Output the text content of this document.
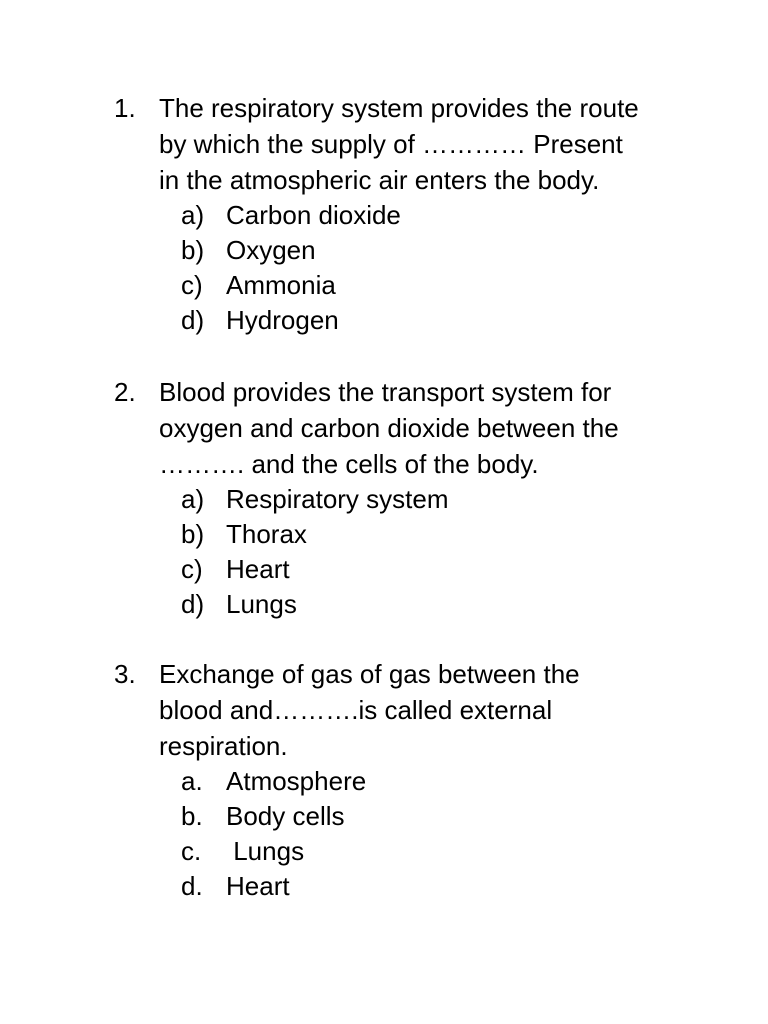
1. The respiratory system provides the route
by which the supply of ………… Present
in the atmospheric air enters the body.
a) Carbon dioxide
b) Oxygen
c) Ammonia
d) Hydrogen
2. Blood provides the transport system for
oxygen and carbon dioxide between the
………. and the cells of the body.
a) Respiratory system
b) Thorax
c) Heart
d) Lungs
3. Exchange of gas of gas between the
blood and……….is called external
respiration.
a. Atmosphere
b. Body cells
c. Lungs
d. Heart
